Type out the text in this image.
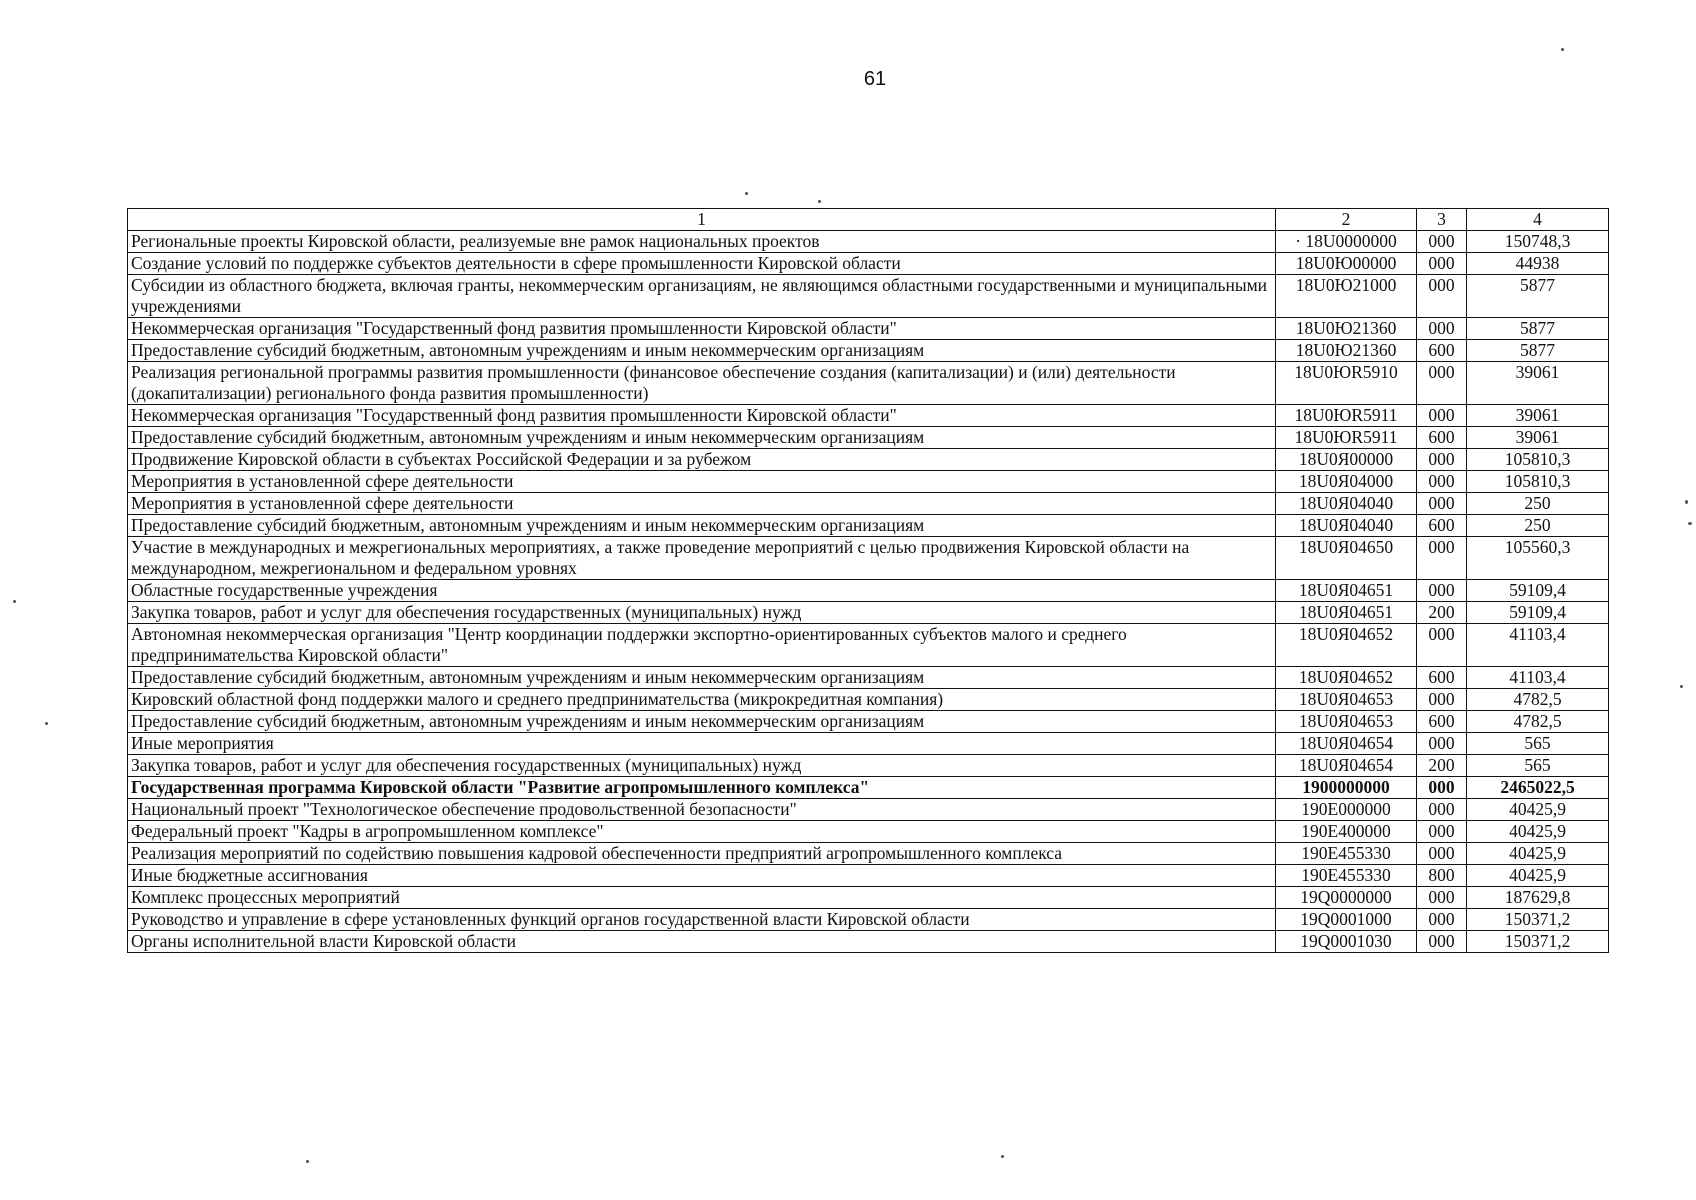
61
1	2	3	4
Региональные проекты Кировской области, реализуемые вне рамок национальных проектов	· 18U0000000	000	150748,3
Создание условий по поддержке субъектов деятельности в сфере промышленности Кировской области	18U0Ю00000	000	44938
Субсидии из областного бюджета, включая гранты, некоммерческим организациям, не являющимся областными государственными и муниципальными учреждениями	18U0Ю21000	000	5877
Некоммерческая организация "Государственный фонд развития промышленности Кировской области"	18U0Ю21360	000	5877
Предоставление субсидий бюджетным, автономным учреждениям и иным некоммерческим организациям	18U0Ю21360	600	5877
Реализация региональной программы развития промышленности (финансовое обеспечение создания (капитализации) и (или) деятельности (докапитализации) регионального фонда развития промышленности)	18U0ЮR5910	000	39061
Некоммерческая организация "Государственный фонд развития промышленности Кировской области"	18U0ЮR5911	000	39061
Предоставление субсидий бюджетным, автономным учреждениям и иным некоммерческим организациям	18U0ЮR5911	600	39061
Продвижение Кировской области в субъектах Российской Федерации и за рубежом	18U0Я00000	000	105810,3
Мероприятия в установленной сфере деятельности	18U0Я04000	000	105810,3
Мероприятия в установленной сфере деятельности	18U0Я04040	000	250
Предоставление субсидий бюджетным, автономным учреждениям и иным некоммерческим организациям	18U0Я04040	600	250
Участие в международных и межрегиональных мероприятиях, а также проведение мероприятий с целью продвижения Кировской области на международном, межрегиональном и федеральном уровнях	18U0Я04650	000	105560,3
Областные государственные учреждения	18U0Я04651	000	59109,4
Закупка товаров, работ и услуг для обеспечения государственных (муниципальных) нужд	18U0Я04651	200	59109,4
Автономная некоммерческая организация "Центр координации поддержки экспортно-ориентированных субъектов малого и среднего предпринимательства Кировской области"	18U0Я04652	000	41103,4
Предоставление субсидий бюджетным, автономным учреждениям и иным некоммерческим организациям	18U0Я04652	600	41103,4
Кировский областной фонд поддержки малого и среднего предпринимательства (микрокредитная компания)	18U0Я04653	000	4782,5
Предоставление субсидий бюджетным, автономным учреждениям и иным некоммерческим организациям	18U0Я04653	600	4782,5
Иные мероприятия	18U0Я04654	000	565
Закупка товаров, работ и услуг для обеспечения государственных (муниципальных) нужд	18U0Я04654	200	565
Государственная программа Кировской области "Развитие агропромышленного комплекса"	1900000000	000	2465022,5
Национальный проект "Технологическое обеспечение продовольственной безопасности"	190E000000	000	40425,9
Федеральный проект "Кадры в агропромышленном комплексе"	190E400000	000	40425,9
Реализация мероприятий по содействию повышения кадровой обеспеченности предприятий агропромышленного комплекса	190E455330	000	40425,9
Иные бюджетные ассигнования	190E455330	800	40425,9
Комплекс процессных мероприятий	19Q0000000	000	187629,8
Руководство и управление в сфере установленных функций органов государственной власти Кировской области	19Q0001000	000	150371,2
Органы исполнительной власти Кировской области	19Q0001030	000	150371,2
